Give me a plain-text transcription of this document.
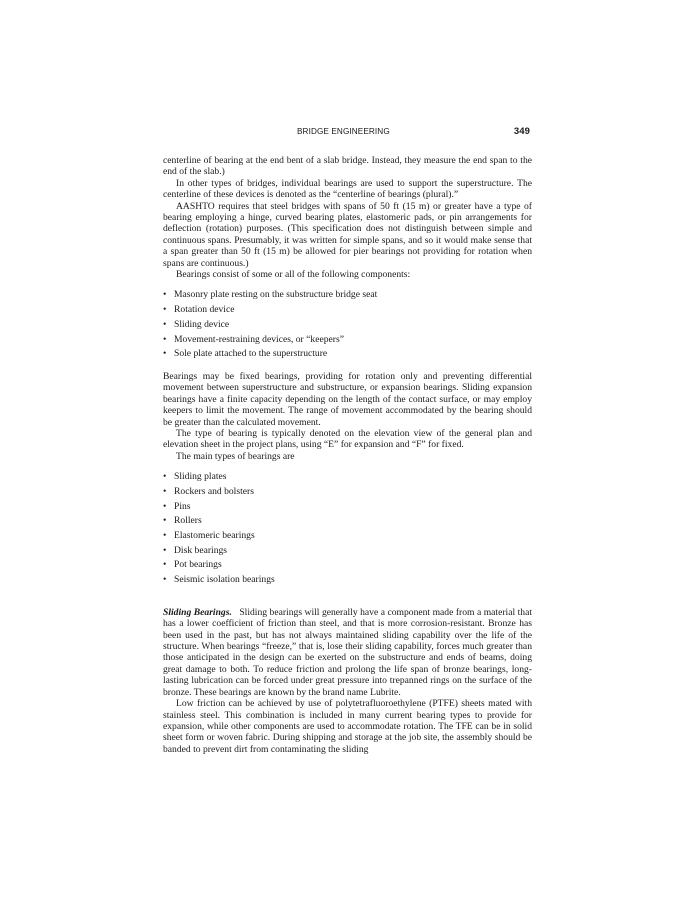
BRIDGE ENGINEERING	349

centerline of bearing at the end bent of a slab bridge. Instead, they measure the end span to the end of the slab.)

In other types of bridges, individual bearings are used to support the superstructure. The centerline of these devices is denoted as the “centerline of bearings (plural).”

AASHTO requires that steel bridges with spans of 50 ft (15 m) or greater have a type of bearing employing a hinge, curved bearing plates, elastomeric pads, or pin arrangements for deflection (rotation) purposes. (This specification does not distinguish between simple and continuous spans. Presumably, it was written for simple spans, and so it would make sense that a span greater than 50 ft (15 m) be allowed for pier bearings not providing for rotation when spans are continuous.)

Bearings consist of some or all of the following components:

• Masonry plate resting on the substructure bridge seat
• Rotation device
• Sliding device
• Movement-restraining devices, or “keepers”
• Sole plate attached to the superstructure

Bearings may be fixed bearings, providing for rotation only and preventing differential movement between superstructure and substructure, or expansion bearings. Sliding expansion bearings have a finite capacity depending on the length of the contact surface, or may employ keepers to limit the movement. The range of movement accommodated by the bearing should be greater than the calculated movement.

The type of bearing is typically denoted on the elevation view of the general plan and elevation sheet in the project plans, using “E” for expansion and “F” for fixed.

The main types of bearings are

• Sliding plates
• Rockers and bolsters
• Pins
• Rollers
• Elastomeric bearings
• Disk bearings
• Pot bearings
• Seismic isolation bearings

Sliding Bearings. Sliding bearings will generally have a component made from a material that has a lower coefficient of friction than steel, and that is more corrosion-resistant. Bronze has been used in the past, but has not always maintained sliding capability over the life of the structure. When bearings “freeze,” that is, lose their sliding capability, forces much greater than those anticipated in the design can be exerted on the substructure and ends of beams, doing great damage to both. To reduce friction and prolong the life span of bronze bearings, long-lasting lubrication can be forced under great pressure into trepanned rings on the surface of the bronze. These bearings are known by the brand name Lubrite.

Low friction can be achieved by use of polytetrafluoroethylene (PTFE) sheets mated with stainless steel. This combination is included in many current bearing types to provide for expansion, while other components are used to accommodate rotation. The TFE can be in solid sheet form or woven fabric. During shipping and storage at the job site, the assembly should be banded to prevent dirt from contaminating the sliding
